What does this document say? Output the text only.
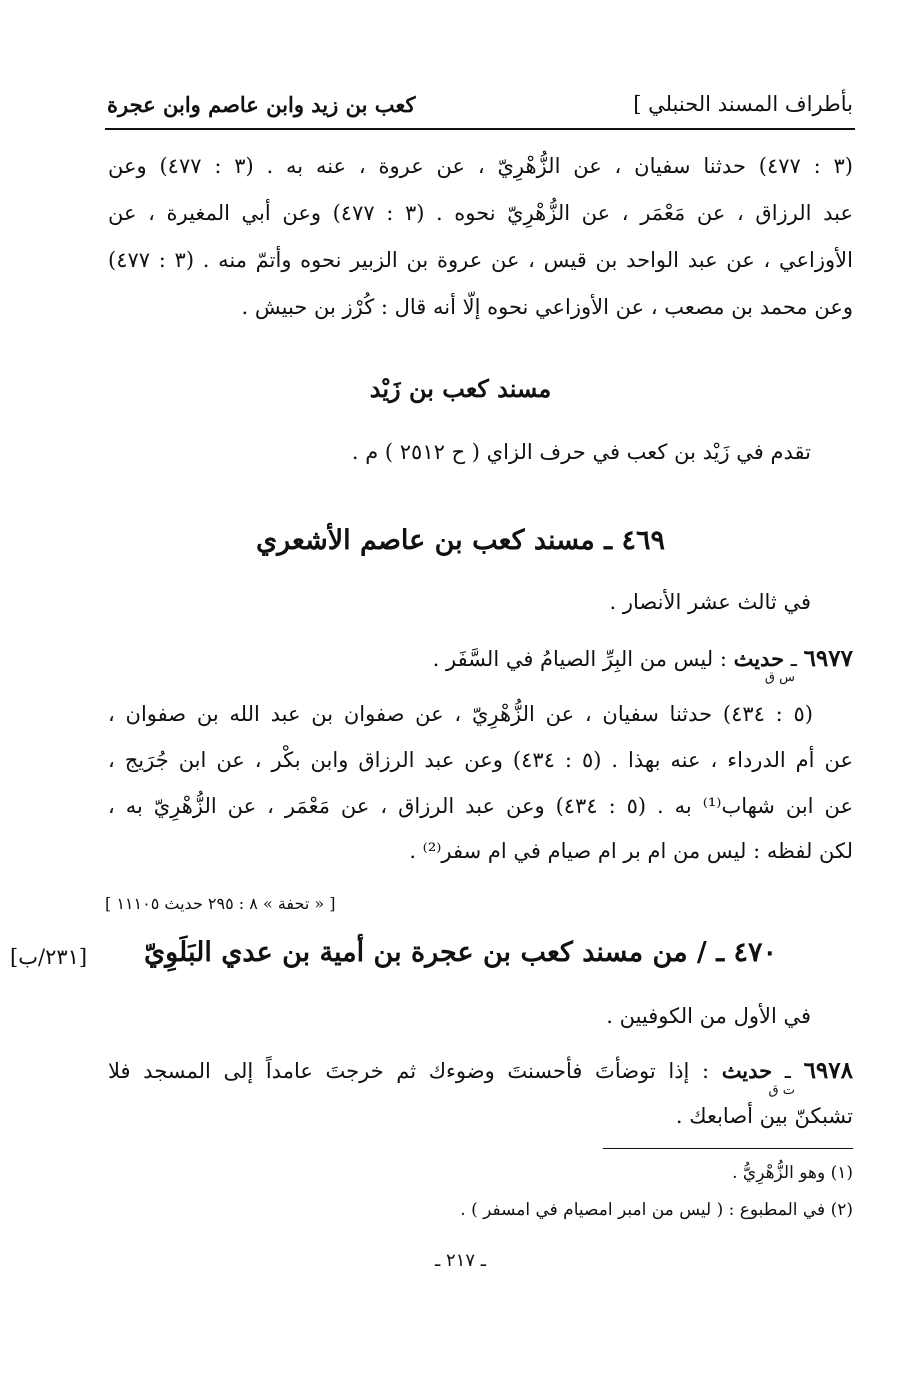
بأطراف المسند الحنبلي ]
كعب بن زيد وابن عاصم وابن عجرة
(٣ : ٤٧٧) حدثنا سفيان ، عن الزُّهْرِيّ ، عن عروة ، عنه به . (٣ : ٤٧٧) وعن
عبد الرزاق ، عن مَعْمَر ، عن الزُّهْرِيّ نحوه . (٣ : ٤٧٧) وعن أبي المغيرة ، عن
الأوزاعي ، عن عبد الواحد بن قيس ، عن عروة بن الزبير نحوه وأتمّ منه . (٣ : ٤٧٧)
وعن محمد بن مصعب ، عن الأوزاعي نحوه إلّا أنه قال : كُرْز بن حبيش .
مسند كعب بن زَيْد
تقدم في زَيْد بن كعب في حرف الزاي ( ح ٢٥١٢ ) م .
٤٦٩ ـ مسند كعب بن عاصم الأشعري
في ثالث عشر الأنصار .
٦٩٧٧ ـ حديث : ليس من البِرِّ الصيامُ في السَّفَر .
س ق
(٥ : ٤٣٤) حدثنا سفيان ، عن الزُّهْرِيّ ، عن صفوان بن عبد الله بن صفوان ،
عن أم الدرداء ، عنه بهذا . (٥ : ٤٣٤) وعن عبد الرزاق وابن بكْر ، عن ابن جُرَيج ،
عن ابن شهاب⁽¹⁾ به . (٥ : ٤٣٤) وعن عبد الرزاق ، عن مَعْمَر ، عن الزُّهْرِيّ به ،
لكن لفظه : ليس من ام بر ام صيام في ام سفر⁽²⁾ .
[ « تحفة » ٨ : ٢٩٥ حديث ١١١٠٥ ]
٤٧٠ ـ / من مسند كعب بن عجرة بن أمية بن عدي البَلَوِيّ
[٢٣١/ب]
في الأول من الكوفيين .
٦٩٧٨ ـ حديث : إذا توضأتَ فأحسنتَ وضوءك ثم خرجتَ عامداً إلى المسجد فلا
ت ق
تشبكنّ بين أصابعك .
(١) وهو الزُّهْرِيُّ .
(٢) في المطبوع : ( ليس من امبر امصيام في امسفر ) .
ـ ٢١٧ ـ
